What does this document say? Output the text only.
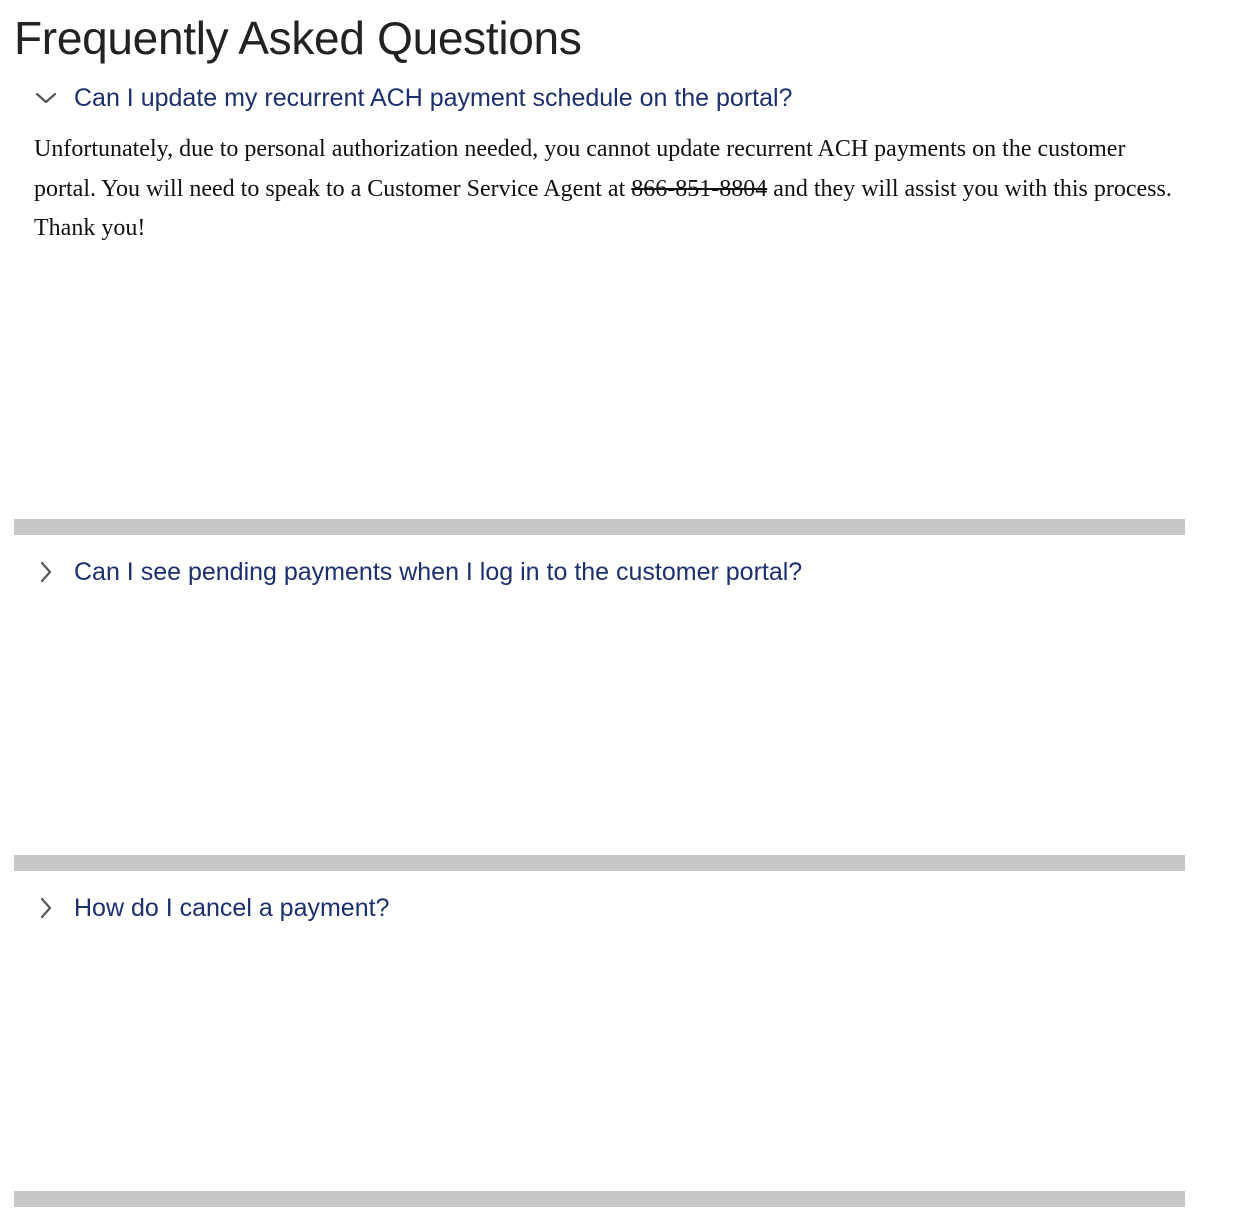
Frequently Asked Questions
Can I update my recurrent ACH payment schedule on the portal?

Unfortunately, due to personal authorization needed, you cannot update recurrent ACH payments on the customer portal. You will need to speak to a Customer Service Agent at 866-851-8804 and they will assist you with this process. Thank you!

Can I see pending payments when I log in to the customer portal?
How do I cancel a payment?
